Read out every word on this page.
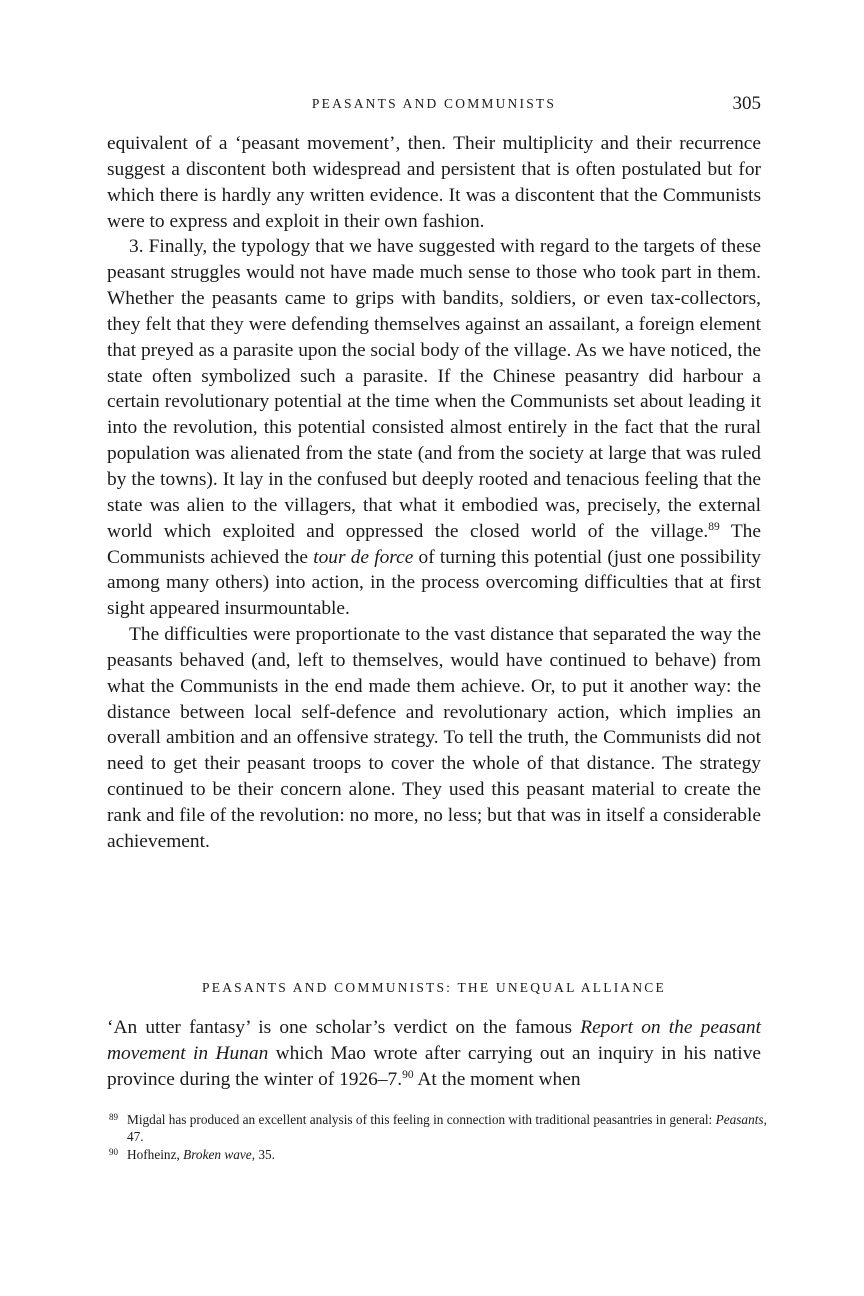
PEASANTS AND COMMUNISTS	305

equivalent of a ‘peasant movement’, then. Their multiplicity and their recurrence suggest a discontent both widespread and persistent that is often postulated but for which there is hardly any written evidence. It was a discontent that the Communists were to express and exploit in their own fashion.

3. Finally, the typology that we have suggested with regard to the targets of these peasant struggles would not have made much sense to those who took part in them. Whether the peasants came to grips with bandits, soldiers, or even tax-collectors, they felt that they were defending themselves against an assailant, a foreign element that preyed as a parasite upon the social body of the village. As we have noticed, the state often symbolized such a parasite. If the Chinese peasantry did harbour a certain revolutionary potential at the time when the Communists set about leading it into the revolution, this potential consisted almost entirely in the fact that the rural population was alienated from the state (and from the society at large that was ruled by the towns). It lay in the confused but deeply rooted and tenacious feeling that the state was alien to the villagers, that what it embodied was, precisely, the external world which exploited and oppressed the closed world of the village.$^{89}$ The Communists achieved the tour de force of turning this potential (just one possibility among many others) into action, in the process overcoming difficulties that at first sight appeared insurmountable.

The difficulties were proportionate to the vast distance that separated the way the peasants behaved (and, left to themselves, would have continued to behave) from what the Communists in the end made them achieve. Or, to put it another way: the distance between local self-defence and revolutionary action, which implies an overall ambition and an offensive strategy. To tell the truth, the Communists did not need to get their peasant troops to cover the whole of that distance. The strategy continued to be their concern alone. They used this peasant material to create the rank and file of the revolution: no more, no less; but that was in itself a considerable achievement.

PEASANTS AND COMMUNISTS: THE UNEQUAL ALLIANCE

‘An utter fantasy’ is one scholar’s verdict on the famous Report on the peasant movement in Hunan which Mao wrote after carrying out an inquiry in his native province during the winter of 1926–7.90 At the moment when

89 Migdal has produced an excellent analysis of this feeling in connection with traditional peasantries in general: Peasants, 47.
90 Hofheinz, Broken wave, 35.
